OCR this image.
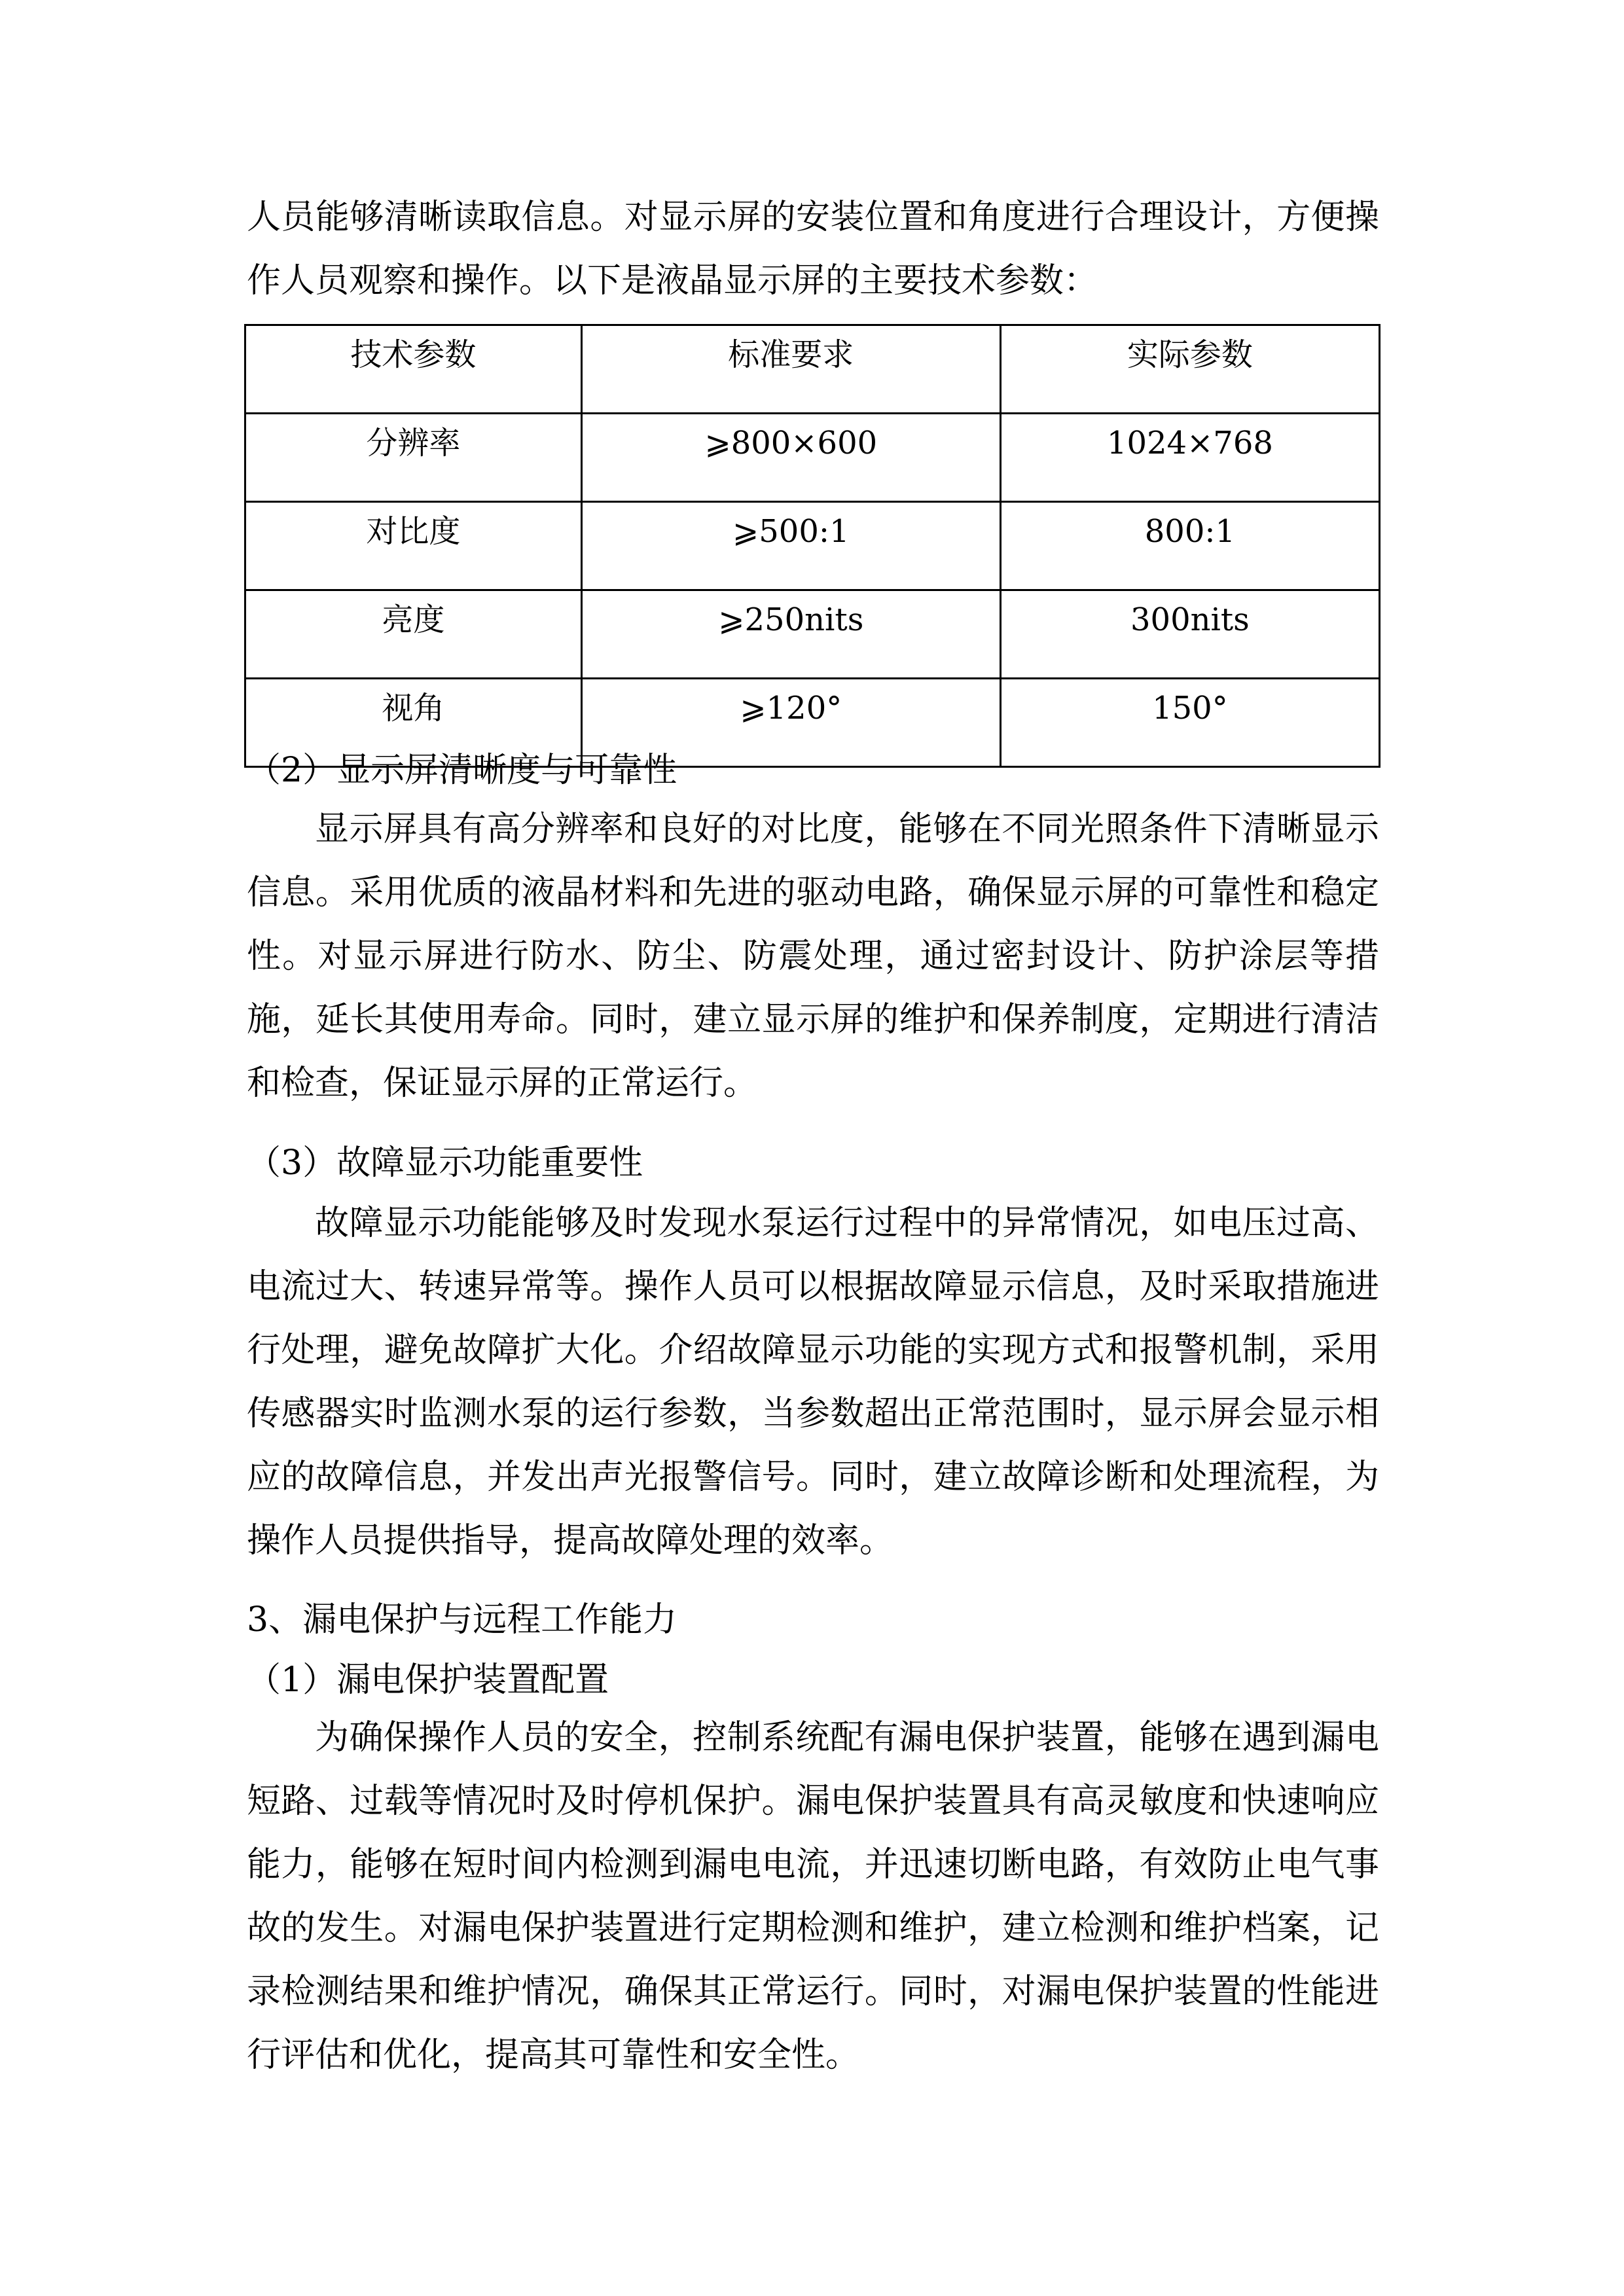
人员能够清晰读取信息。对显示屏的安装位置和角度进行合理设计，方便操作人员观察和操作。以下是液晶显示屏的主要技术参数：

技术参数	标准要求	实际参数
分辨率	⩾800×600	1024×768
对比度	⩾500:1	800:1
亮度	⩾250nits	300nits
视角	⩾120°	150°
（2）显示屏清晰度与可靠性

显示屏具有高分辨率和良好的对比度，能够在不同光照条件下清晰显示信息。采用优质的液晶材料和先进的驱动电路，确保显示屏的可靠性和稳定性。对显示屏进行防水、防尘、防震处理，通过密封设计、防护涂层等措施，延长其使用寿命。同时，建立显示屏的维护和保养制度，定期进行清洁和检查，保证显示屏的正常运行。

（3）故障显示功能重要性

故障显示功能能够及时发现水泵运行过程中的异常情况，如电压过高、电流过大、转速异常等。操作人员可以根据故障显示信息，及时采取措施进行处理，避免故障扩大化。介绍故障显示功能的实现方式和报警机制，采用传感器实时监测水泵的运行参数，当参数超出正常范围时，显示屏会显示相应的故障信息，并发出声光报警信号。同时，建立故障诊断和处理流程，为操作人员提供指导，提高故障处理的效率。

3、漏电保护与远程工作能力
（1）漏电保护装置配置

为确保操作人员的安全，控制系统配有漏电保护装置，能够在遇到漏电短路、过载等情况时及时停机保护。漏电保护装置具有高灵敏度和快速响应能力，能够在短时间内检测到漏电电流，并迅速切断电路，有效防止电气事故的发生。对漏电保护装置进行定期检测和维护，建立检测和维护档案，记录检测结果和维护情况，确保其正常运行。同时，对漏电保护装置的性能进行评估和优化，提高其可靠性和安全性。
